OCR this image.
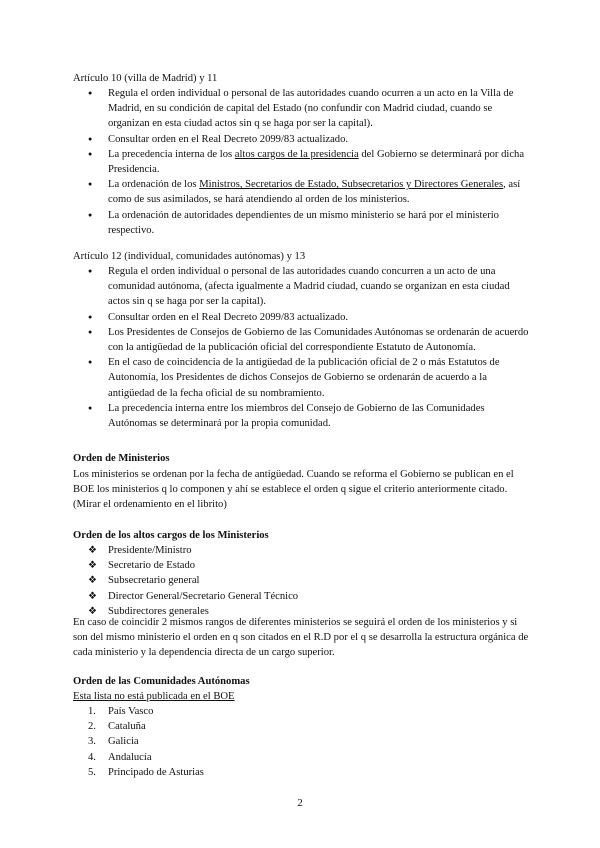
Artículo 10 (villa de Madrid) y 11

● Regula el orden individual o personal de las autoridades cuando ocurren a un acto en la Villa de Madrid, en su condición de capital del Estado (no confundir con Madrid ciudad, cuando se organizan en esta ciudad actos sin q se haga por ser la capital).
● Consultar orden en el Real Decreto 2099/83 actualizado.
● La precedencia interna de los altos cargos de la presidencia del Gobierno se determinará por dicha Presidencia.
● La ordenación de los Ministros, Secretarios de Estado, Subsecretarios y Directores Generales, así como de sus asimilados, se hará atendiendo al orden de los ministerios.
● La ordenación de autoridades dependientes de un mismo ministerio se hará por el ministerio respectivo.

Artículo 12 (individual, comunidades autónomas) y 13

● Regula el orden individual o personal de las autoridades cuando concurren a un acto de una comunidad autónoma, (afecta igualmente a Madrid ciudad, cuando se organizan en esta ciudad actos sin q se haga por ser la capital).
● Consultar orden en el Real Decreto 2099/83 actualizado.
● Los Presidentes de Consejos de Gobierno de las Comunidades Autónomas se ordenarán de acuerdo con la antigüedad de la publicación oficial del correspondiente Estatuto de Autonomía.
● En el caso de coincidencia de la antigüedad de la publicación oficial de 2 o más Estatutos de Autonomía, los Presidentes de dichos Consejos de Gobierno se ordenarán de acuerdo a la antigüedad de la fecha oficial de su nombramiento.
● La precedencia interna entre los miembros del Consejo de Gobierno de las Comunidades Autónomas se determinará por la propia comunidad.

Orden de Ministerios

Los ministerios se ordenan por la fecha de antigüedad. Cuando se reforma el Gobierno se publican en el BOE los ministerios q lo componen y ahí se establece el orden q sigue el criterio anteriormente citado. (Mirar el ordenamiento en el librito)

Orden de los altos cargos de los Ministerios

❖ Presidente/Ministro
❖ Secretario de Estado
❖ Subsecretario general
❖ Director General/Secretario General Técnico
❖ Subdirectores generales

En caso de coincidir 2 mismos rangos de diferentes ministerios se seguirá el orden de los ministerios y si son del mismo ministerio el orden en q son citados en el R.D por el q se desarrolla la estructura orgánica de cada ministerio y la dependencia directa de un cargo superior.

Orden de las Comunidades Autónomas

Esta lista no está publicada en el BOE

1. País Vasco
2. Cataluña
3. Galicia
4. Andalucía
5. Principado de Asturias
2
